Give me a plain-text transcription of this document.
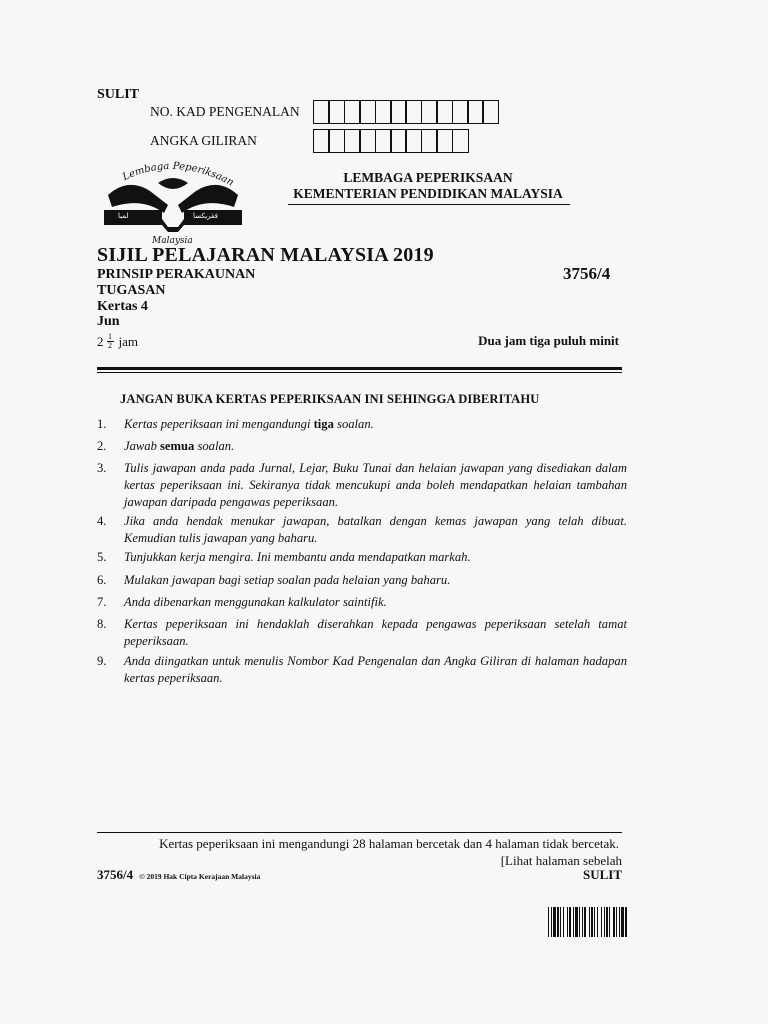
SULIT
NO. KAD PENGENALAN
ANGKA GILIRAN
Lembaga Peperiksaan
لمبا	قڤريكسا
Malaysia
LEMBAGA PEPERIKSAAN
KEMENTERIAN PENDIDIKAN MALAYSIA
SIJIL PELAJARAN MALAYSIA 2019
PRINSIP PERAKAUNAN	3756/4
TUGASAN
Kertas 4
Jun
$2 \frac{1}{2}$ jam	Dua jam tiga puluh minit
JANGAN BUKA KERTAS PEPERIKSAAN INI SEHINGGA DIBERITAHU
1. Kertas peperiksaan ini mengandungi tiga soalan.
2. Jawab semua soalan.
3. Tulis jawapan anda pada Jurnal, Lejar, Buku Tunai dan helaian jawapan yang disediakan dalam kertas peperiksaan ini. Sekiranya tidak mencukupi anda boleh mendapatkan helaian tambahan jawapan daripada pengawas peperiksaan.
4. Jika anda hendak menukar jawapan, batalkan dengan kemas jawapan yang telah dibuat. Kemudian tulis jawapan yang baharu.
5. Tunjukkan kerja mengira. Ini membantu anda mendapatkan markah.
6. Mulakan jawapan bagi setiap soalan pada helaian yang baharu.
7. Anda dibenarkan menggunakan kalkulator saintifik.
8. Kertas peperiksaan ini hendaklah diserahkan kepada pengawas peperiksaan setelah tamat peperiksaan.
9. Anda diingatkan untuk menulis Nombor Kad Pengenalan dan Angka Giliran di halaman hadapan kertas peperiksaan.
Kertas peperiksaan ini mengandungi 28 halaman bercetak dan 4 halaman tidak bercetak.
[Lihat halaman sebelah
3756/4 © 2019 Hak Cipta Kerajaan Malaysia	SULIT
